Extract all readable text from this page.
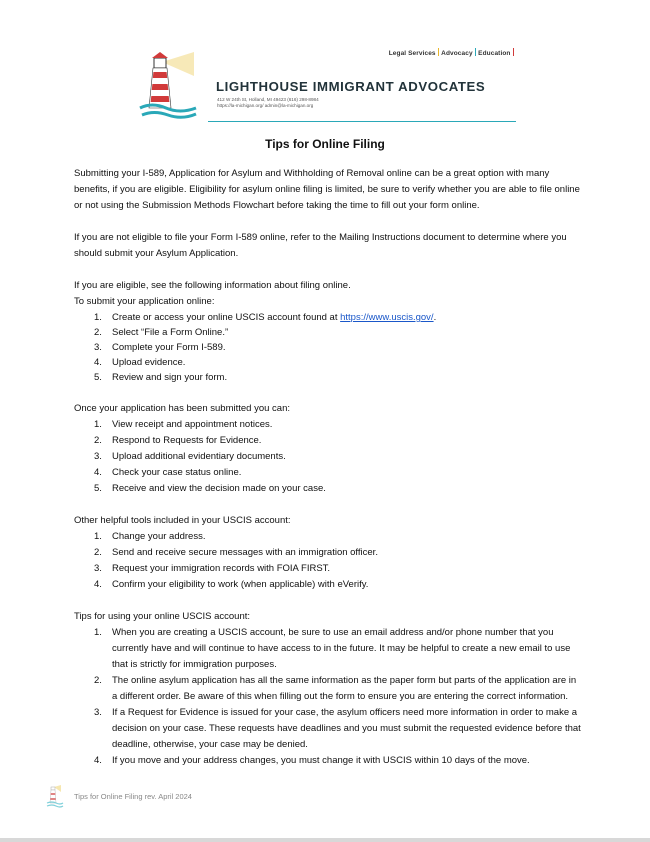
Legal Services Advocacy Education
LIGHTHOUSE IMMIGRANT ADVOCATES
412 W 24th St, Holland, MI 49423 (616) 298-8984
https://la-michigan.org/ admin@la-michigan.org
Tips for Online Filing

Submitting your I-589, Application for Asylum and Withholding of Removal online can be a great option with many benefits, if you are eligible. Eligibility for asylum online filing is limited, be sure to verify whether you are able to file online or not using the Submission Methods Flowchart before taking the time to fill out your form online.

If you are not eligible to file your Form I-589 online, refer to the Mailing Instructions document to determine where you should submit your Asylum Application.

If you are eligible, see the following information about filing online.

To submit your application online:

1. Create or access your online USCIS account found at https://www.uscis.gov/.
2. Select “File a Form Online.”
3. Complete your Form I-589.
4. Upload evidence.
5. Review and sign your form.

Once your application has been submitted you can:

1. View receipt and appointment notices.
2. Respond to Requests for Evidence.
3. Upload additional evidentiary documents.
4. Check your case status online.
5. Receive and view the decision made on your case.

Other helpful tools included in your USCIS account:

1. Change your address.
2. Send and receive secure messages with an immigration officer.
3. Request your immigration records with FOIA FIRST.
4. Confirm your eligibility to work (when applicable) with eVerify.

Tips for using your online USCIS account:

1. When you are creating a USCIS account, be sure to use an email address and/or phone number that you currently have and will continue to have access to in the future. It may be helpful to create a new email to use that is strictly for immigration purposes.
2. The online asylum application has all the same information as the paper form but parts of the application are in a different order. Be aware of this when filling out the form to ensure you are entering the correct information.
3. If a Request for Evidence is issued for your case, the asylum officers need more information in order to make a decision on your case. These requests have deadlines and you must submit the requested evidence before that deadline, otherwise, your case may be denied.
4. If you move and your address changes, you must change it with USCIS within 10 days of the move.
Tips for Online Filing rev. April 2024
